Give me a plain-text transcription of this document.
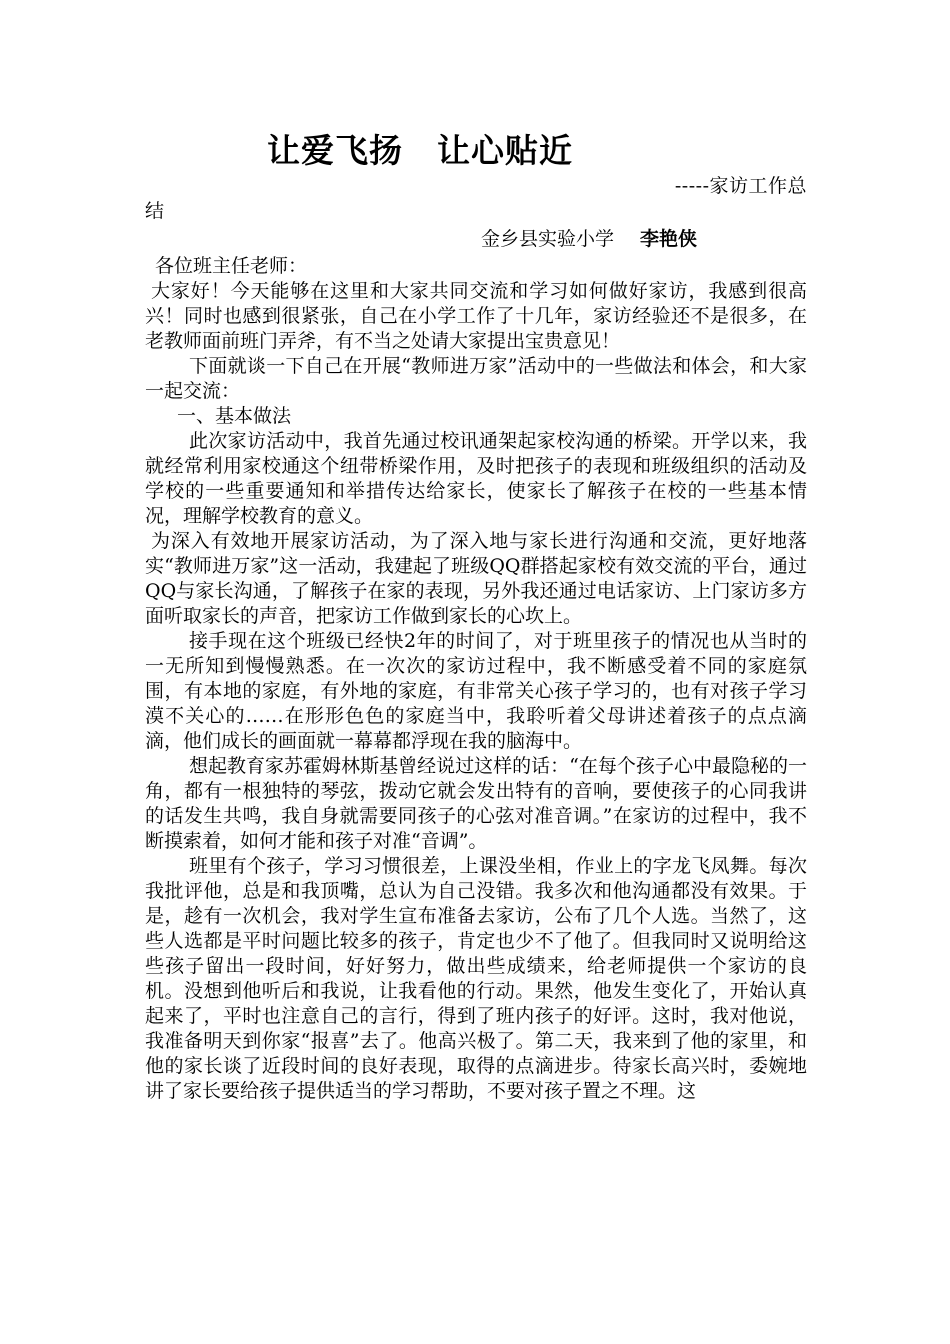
让爱飞扬　让心贴近
-----家访工作总
结
金乡县实验小学 李艳侠
各位班主任老师：

大家好！今天能够在这里和大家共同交流和学习如何做好家访，我感到很高兴！同时也感到很紧张，自己在小学工作了十几年，家访经验还不是很多，在老教师面前班门弄斧，有不当之处请大家提出宝贵意见！

下面就谈一下自己在开展“教师进万家”活动中的一些做法和体会，和大家一起交流：

一、基本做法

此次家访活动中，我首先通过校讯通架起家校沟通的桥梁。开学以来，我就经常利用家校通这个纽带桥梁作用，及时把孩子的表现和班级组织的活动及学校的一些重要通知和举措传达给家长，使家长了解孩子在校的一些基本情况，理解学校教育的意义。

为深入有效地开展家访活动，为了深入地与家长进行沟通和交流，更好地落实“教师进万家”这一活动，我建起了班级QQ群搭起家校有效交流的平台，通过QQ与家长沟通，了解孩子在家的表现，另外我还通过电话家访、上门家访多方面听取家长的声音，把家访工作做到家长的心坎上。

接手现在这个班级已经快2年的时间了，对于班里孩子的情况也从当时的一无所知到慢慢熟悉。在一次次的家访过程中，我不断感受着不同的家庭氛围，有本地的家庭，有外地的家庭，有非常关心孩子学习的，也有对孩子学习漠不关心的……在形形色色的家庭当中，我聆听着父母讲述着孩子的点点滴滴，他们成长的画面就一幕幕都浮现在我的脑海中。

想起教育家苏霍姆林斯基曾经说过这样的话：“在每个孩子心中最隐秘的一角，都有一根独特的琴弦，拨动它就会发出特有的音响，要使孩子的心同我讲的话发生共鸣，我自身就需要同孩子的心弦对准音调。”在家访的过程中，我不断摸索着，如何才能和孩子对准“音调”。

班里有个孩子，学习习惯很差，上课没坐相，作业上的字龙飞凤舞。每次我批评他，总是和我顶嘴，总认为自己没错。我多次和他沟通都没有效果。于是，趁有一次机会，我对学生宣布准备去家访，公布了几个人选。当然了，这些人选都是平时问题比较多的孩子，肯定也少不了他了。但我同时又说明给这些孩子留出一段时间，好好努力，做出些成绩来，给老师提供一个家访的良机。没想到他听后和我说，让我看他的行动。果然，他发生变化了，开始认真起来了，平时也注意自己的言行，得到了班内孩子的好评。这时，我对他说，我准备明天到你家“报喜”去了。他高兴极了。第二天，我来到了他的家里，和他的家长谈了近段时间的良好表现，取得的点滴进步。待家长高兴时，委婉地讲了家长要给孩子提供适当的学习帮助，不要对孩子置之不理。这
